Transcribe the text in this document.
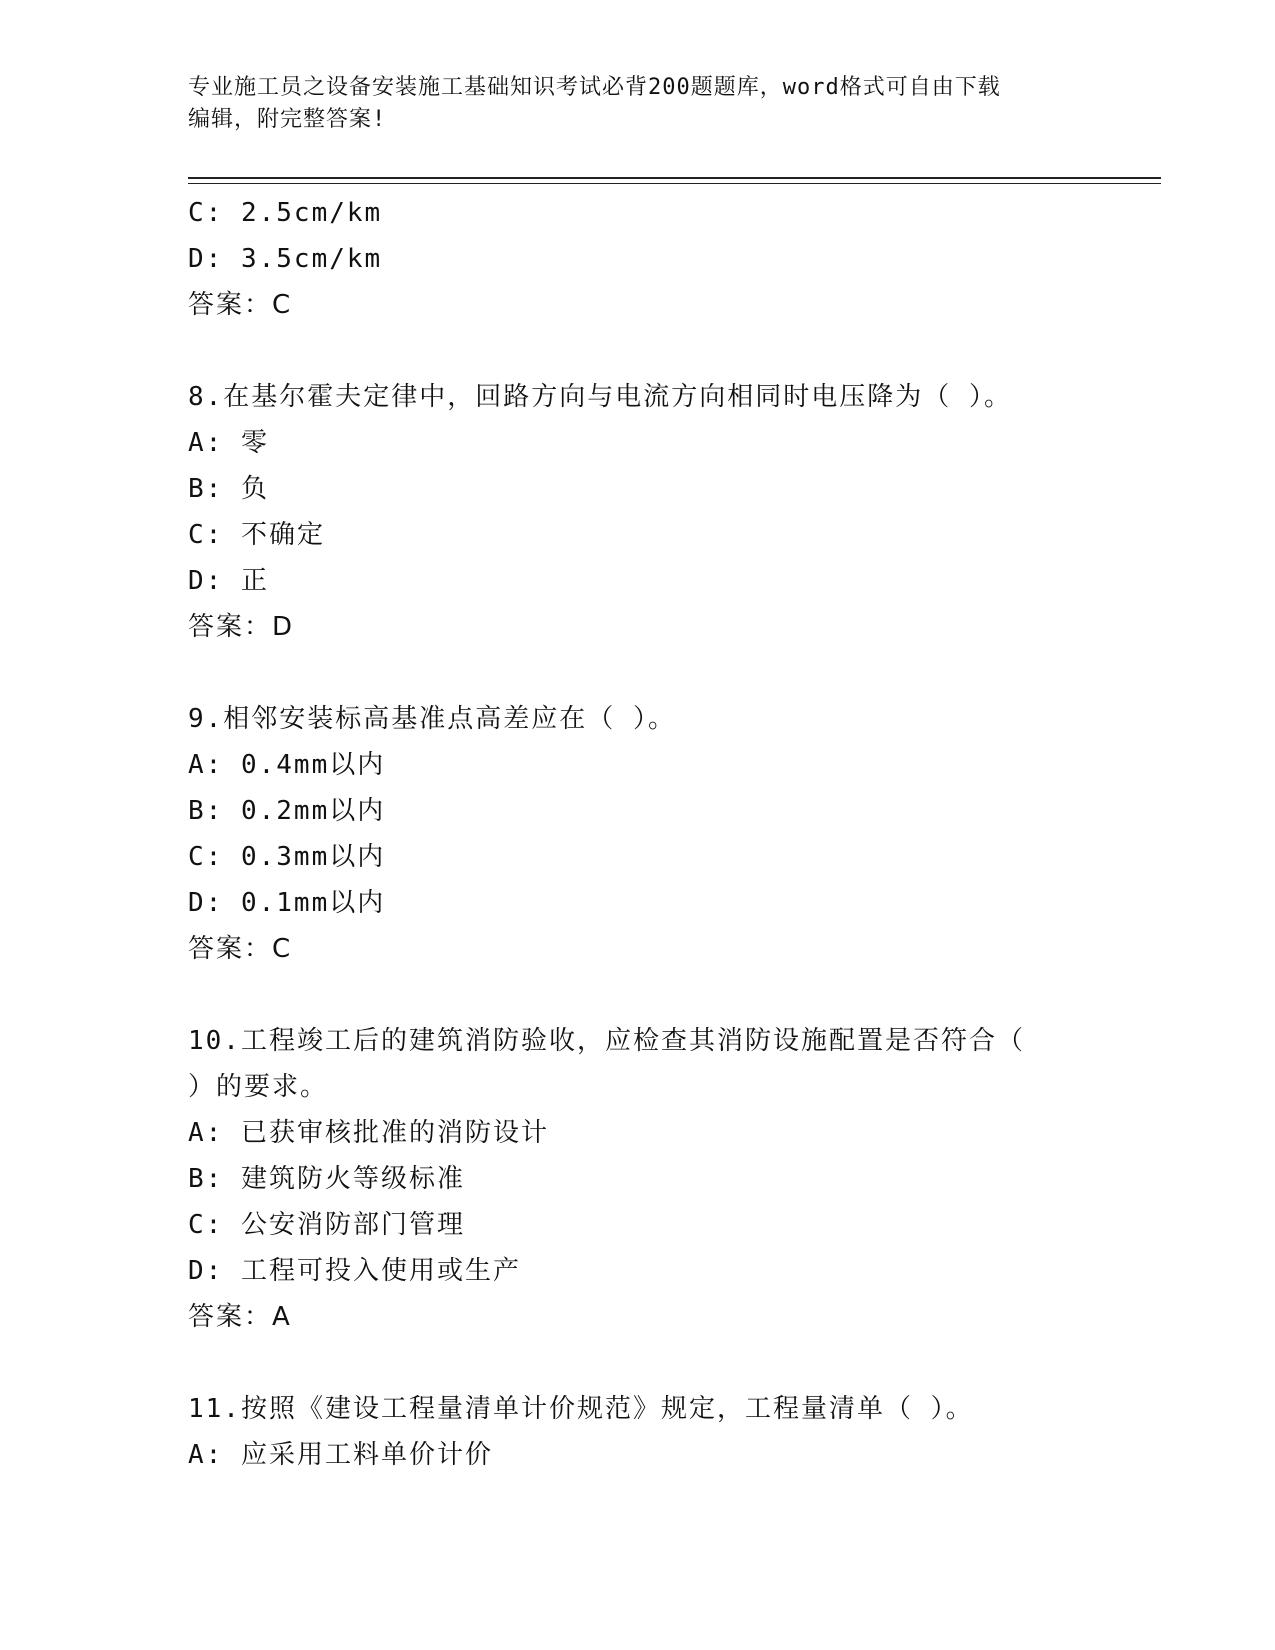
专业施工员之设备安装施工基础知识考试必背200题题库，word格式可自由下载
编辑，附完整答案!
C: 2.5cm/km
D: 3.5cm/km
答案：C
8.在基尔霍夫定律中，回路方向与电流方向相同时电压降为（ ）。
A: 零
B: 负
C: 不确定
D: 正
答案：D
9.相邻安装标高基准点高差应在（ ）。
A: 0.4mm以内
B: 0.2mm以内
C: 0.3mm以内
D: 0.1mm以内
答案：C
10.工程竣工后的建筑消防验收，应检查其消防设施配置是否符合（
）的要求。
A: 已获审核批准的消防设计
B: 建筑防火等级标准
C: 公安消防部门管理
D: 工程可投入使用或生产
答案：A
11.按照《建设工程量清单计价规范》规定，工程量清单（ ）。
A: 应采用工料单价计价
